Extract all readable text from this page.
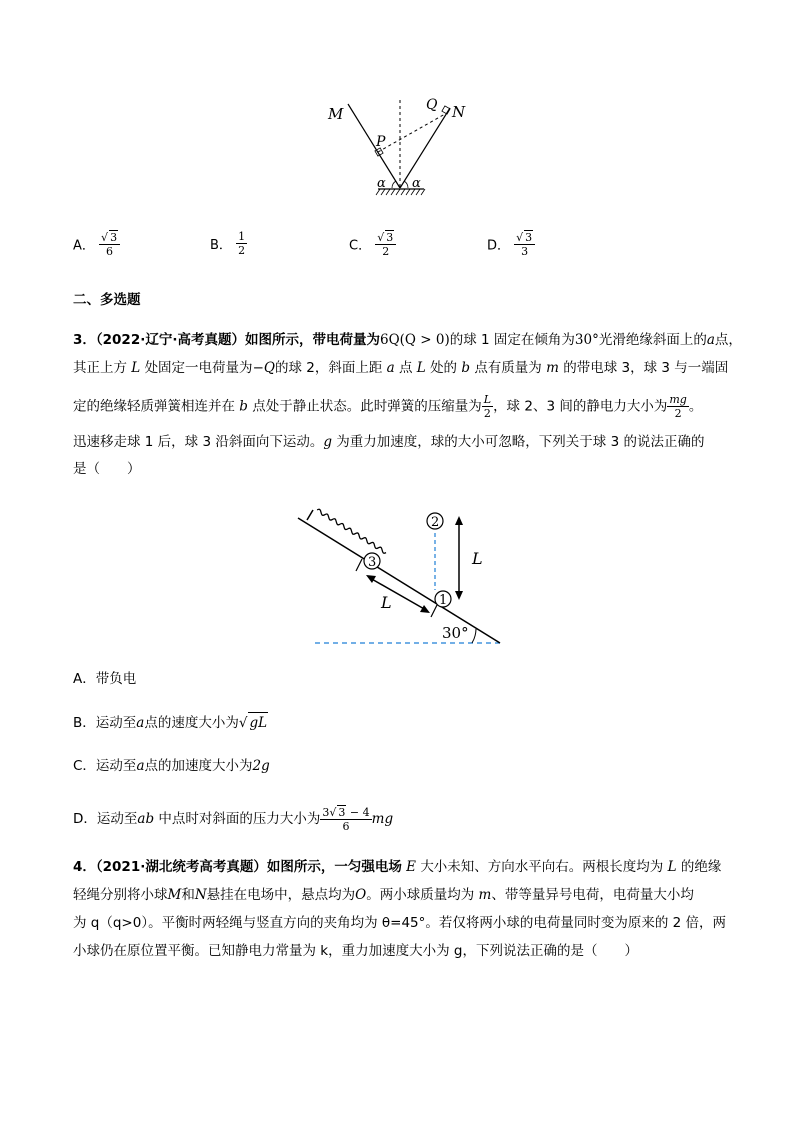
M	N
P
Q
α α
A． $\frac{√ 3}{6}$	B． $\frac{1}{2}$	C． $\frac{√ 3}{2}$	D． $\frac{√ 3}{3}$
二、多选题
3．（2022·辽宁·高考真题）如图所示，带电荷量为6Q(Q > 0)的球 1 固定在倾角为30°光滑绝缘斜面上的a点，
其正上方 L 处固定一电荷量为−Q的球 2，斜面上距 a 点 L 处的 b 点有质量为 m 的带电球 3，球 3 与一端固
定的绝缘轻质弹簧相连并在 b 点处于静止状态。此时弹簧的压缩量为 $\frac{L}{2}$ ，球 2、3 间的静电力大小为 $\frac{mg}{2}$ 。
迅速移走球 1 后，球 3 沿斜面向下运动。g 为重力加速度，球的大小可忽略，下列关于球 3 的说法正确的
是（　　）
3
2
1
L
L
30°
A．带负电
B．运动至a点的速度大小为√ gL
C．运动至a点的加速度大小为2g
D．运动至ab 中点时对斜面的压力大小为 $\frac{3√ 3 - 4}{6}$ mg
4．（2021·湖北统考高考真题）如图所示，一匀强电场 E 大小未知、方向水平向右。两根长度均为 L 的绝缘
轻绳分别将小球M和N悬挂在电场中，悬点均为O。两小球质量均为 m、带等量异号电荷，电荷量大小均
为 q（q>0）。平衡时两轻绳与竖直方向的夹角均为 θ=45°。若仅将两小球的电荷量同时变为原来的 2 倍，两
小球仍在原位置平衡。已知静电力常量为 k，重力加速度大小为 g，下列说法正确的是（　　）
